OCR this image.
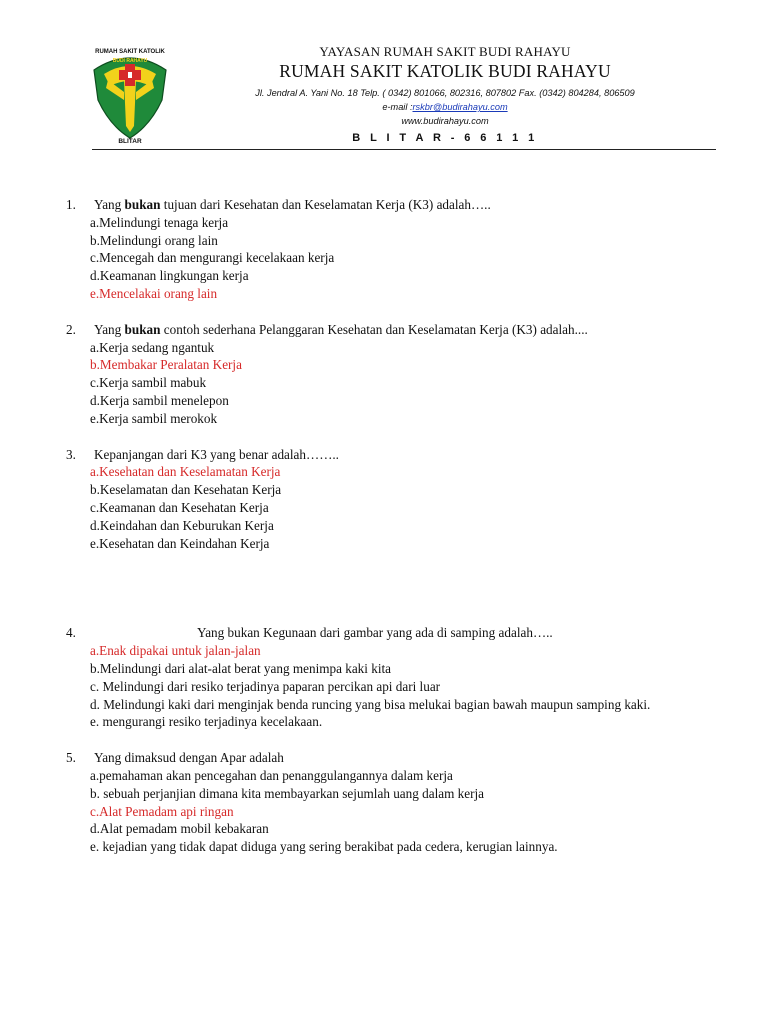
RUMAH SAKIT KATOLIK
BUDI RAHAYU
BLITAR
YAYASAN RUMAH SAKIT BUDI RAHAYU
RUMAH SAKIT KATOLIK BUDI RAHAYU
Jl. Jendral A. Yani No. 18 Telp. ( 0342) 801066, 802316, 807802 Fax. (0342) 804284, 806509
e-mail :rskbr@budirahayu.com
www.budirahayu.com
B L I T A R - 6 6 1 1 1
1.	Yang bukan tujuan dari Kesehatan dan Keselamatan Kerja (K3) adalah…..
a.Melindungi tenaga kerja
b.Melindungi orang lain
c.Mencegah dan mengurangi kecelakaan kerja
d.Keamanan lingkungan kerja
e.Mencelakai orang lain
2.	Yang bukan contoh sederhana Pelanggaran Kesehatan dan Keselamatan Kerja (K3) adalah....
a.Kerja sedang ngantuk
b.Membakar Peralatan Kerja
c.Kerja sambil mabuk
d.Kerja sambil menelepon
e.Kerja sambil merokok
3.	Kepanjangan dari K3 yang benar adalah……..
a.Kesehatan dan Keselamatan Kerja
b.Keselamatan dan Kesehatan Kerja
c.Keamanan dan Kesehatan Kerja
d.Keindahan dan Keburukan Kerja
e.Kesehatan dan Keindahan Kerja
4.	Yang bukan Kegunaan dari gambar yang ada di samping adalah…..
a.Enak dipakai untuk jalan-jalan
b.Melindungi dari alat-alat berat yang menimpa kaki kita
c. Melindungi dari resiko terjadinya paparan percikan api dari luar
d. Melindungi kaki dari menginjak benda runcing yang bisa melukai bagian bawah maupun samping kaki.
e. mengurangi resiko terjadinya kecelakaan.
5.	Yang dimaksud dengan Apar adalah
a.pemahaman akan pencegahan dan penanggulangannya dalam kerja
b. sebuah perjanjian dimana kita membayarkan sejumlah uang dalam kerja
c.Alat Pemadam api ringan
d.Alat pemadam mobil kebakaran
e. kejadian yang tidak dapat diduga yang sering berakibat pada cedera, kerugian lainnya.
